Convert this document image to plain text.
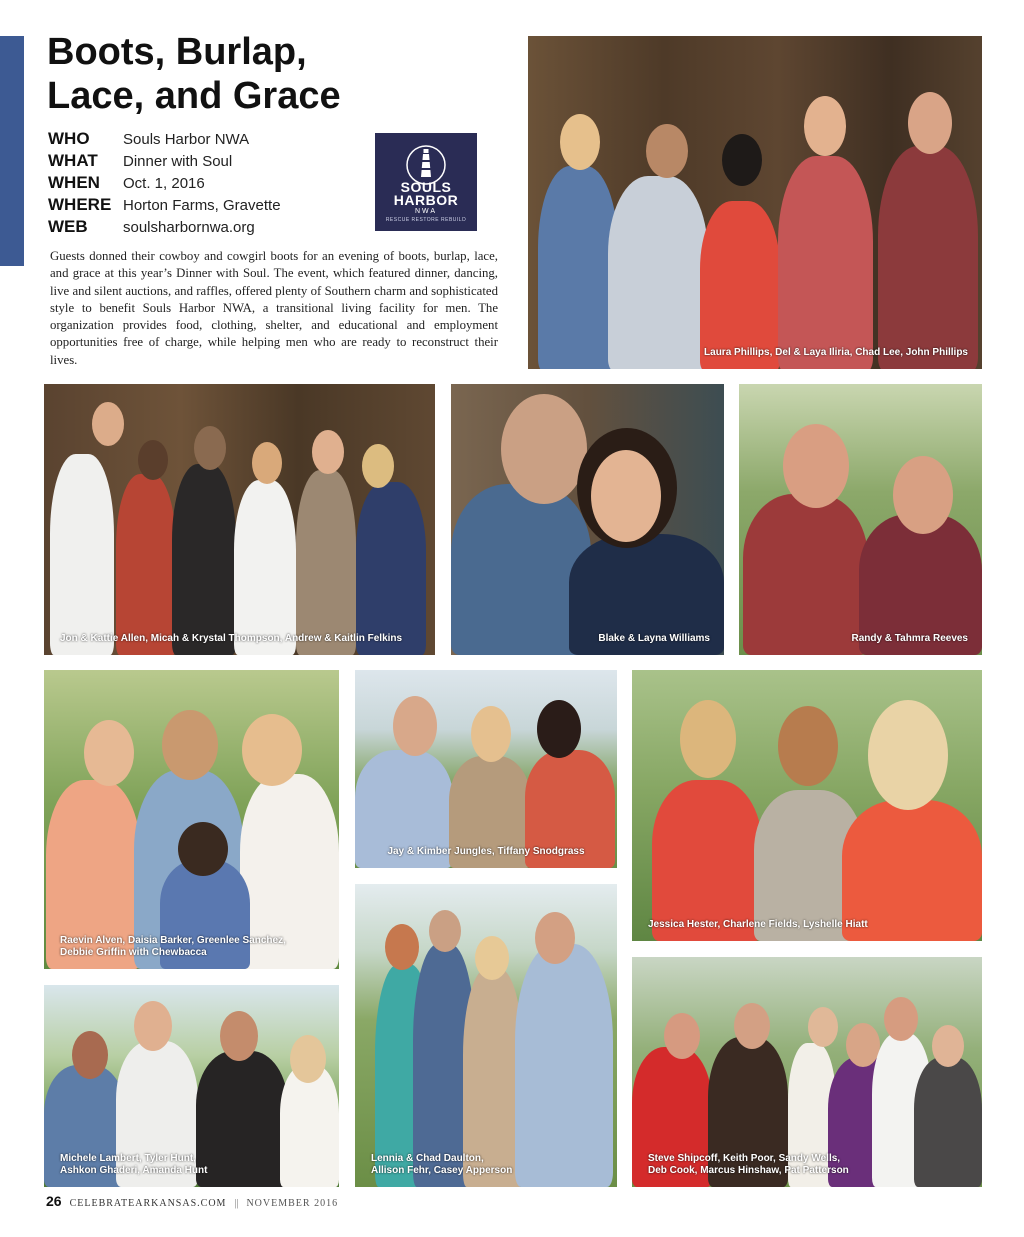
Boots, Burlap,
Lace, and Grace
WHO	Souls Harbor NWA
WHAT	Dinner with Soul
WHEN	Oct. 1, 2016
WHERE Horton Farms, Gravette
WEB	soulsharbornwa.org
SOULS
HARBOR
NWA
RESCUE RESTORE REBUILD

Guests donned their cowboy and cowgirl boots for an evening of boots, burlap, lace, and grace at this year’s Dinner with Soul. The event, which featured dinner, dancing, live and silent auctions, and raffles, offered plenty of Southern charm and sophisticated style to benefit Souls Harbor NWA, a transitional living facility for men. The organization provides food, clothing, shelter, and educational and employment opportunities free of charge, while helping men who are ready to reconstruct their lives.

Laura Phillips, Del & Laya Iliria, Chad Lee, John Phillips
Jon & Kattie Allen, Micah & Krystal Thompson, Andrew & Kaitlin Felkins	Blake & Layna Williams	Randy & Tahmra Reeves
Raevin Alven, Daisia Barker, Greenlee Sanchez,
Debbie Griffin with Chewbacca
Jay & Kimber Jungles, Tiffany Snodgrass
Jessica Hester, Charlene Fields, Lyshelle Hiatt
Michele Lambert, Tyler Hunt,
Ashkon Ghaderi, Amanda Hunt
Lennia & Chad Daulton,
Allison Fehr, Casey Apperson
Steve Shipcoff, Keith Poor, Sandy Wells,
Deb Cook, Marcus Hinshaw, Pat Patterson
26 CELEBRATEARKANSAS.COM || NOVEMBER 2016
